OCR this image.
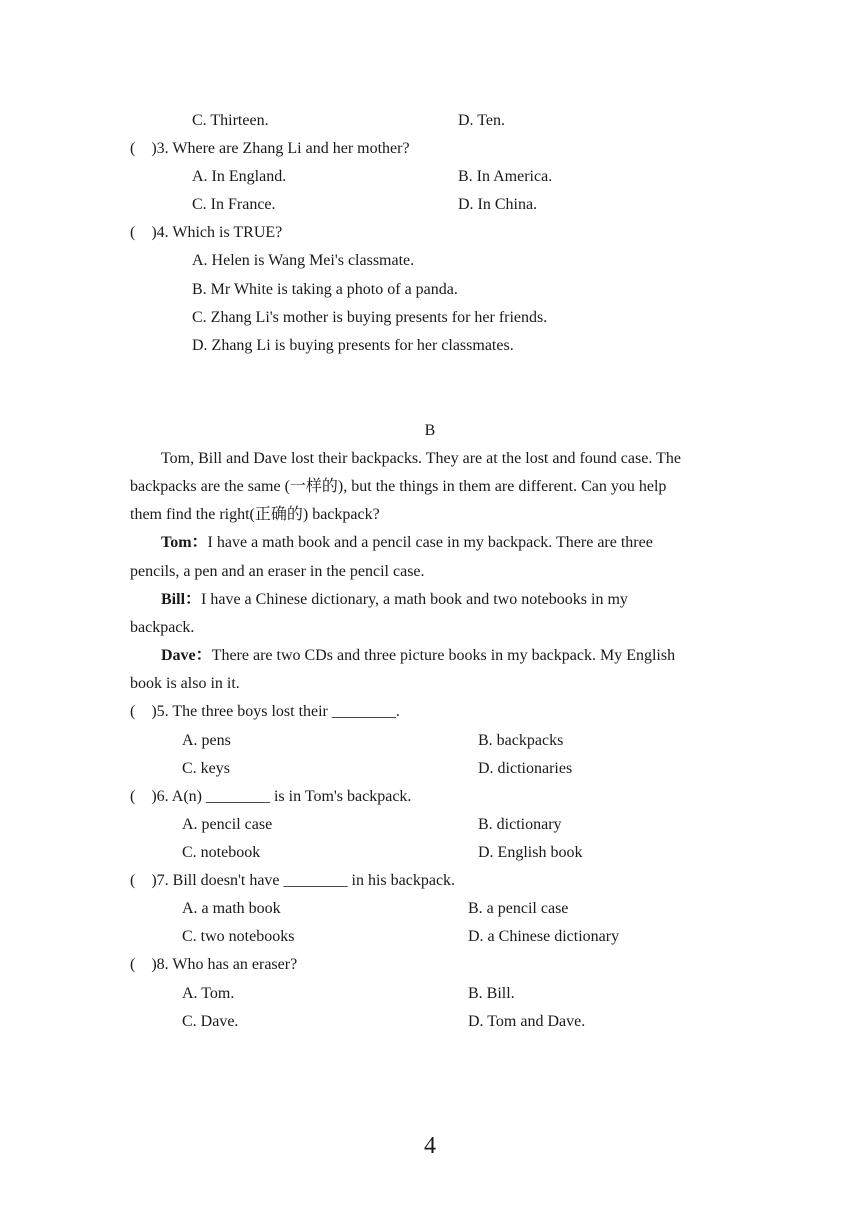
C. Thirteen.	D. Ten.
(    )3. Where are Zhang Li and her mother?
A. In England.	B. In America.
C. In France.	D. In China.
(    )4. Which is TRUE?
A. Helen is Wang Mei's classmate.
B. Mr White is taking a photo of a panda.
C. Zhang Li's mother is buying presents for her friends.
D. Zhang Li is buying presents for her classmates.
B
Tom, Bill and Dave lost their backpacks. They are at the lost and found case. The
backpacks are the same (一样的), but the things in them are different. Can you help
them find the right(正确的) backpack?
Tom：I have a math book and a pencil case in my backpack. There are three
pencils, a pen and an eraser in the pencil case.
Bill：I have a Chinese dictionary, a math book and two notebooks in my
backpack.
Dave：There are two CDs and three picture books in my backpack. My English
book is also in it.
(    )5. The three boys lost their ________.
A. pens	B. backpacks
C. keys	D. dictionaries
(    )6. A(n) ________ is in Tom's backpack.
A. pencil case	B. dictionary
C. notebook	D. English book
(    )7. Bill doesn't have ________ in his backpack.
A. a math book	B. a pencil case
C. two notebooks	D. a Chinese dictionary
(    )8. Who has an eraser?
A. Tom.	B. Bill.
C. Dave.	D. Tom and Dave.
4
